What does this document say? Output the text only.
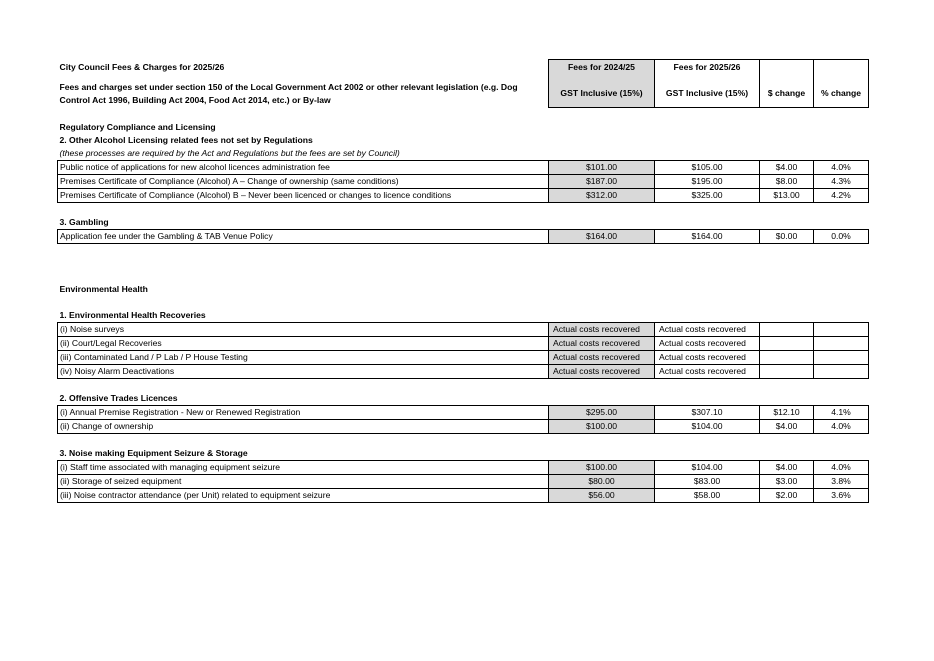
City Council Fees & Charges for 2025/26	Fees for 2024/25	Fees for 2025/26		

Fees and charges set under section 150 of the Local Government Act 2002 or other relevant legislation (e.g. Dog Control Act 1996, Building Act 2004, Food Act 2014, etc.) or By-law	GST Inclusive (15%)	GST Inclusive (15%)	$ change	% change

Regulatory Compliance and Licensing				
2. Other Alcohol Licensing related fees not set by Regulations				
(these processes are required by the Act and Regulations but the fees are set by Council)				
Public notice of applications for new alcohol licences administration fee	$101.00	$105.00	$4.00	4.0%
Premises Certificate of Compliance (Alcohol) A – Change of ownership (same conditions)	$187.00	$195.00	$8.00	4.3%
Premises Certificate of Compliance (Alcohol) B – Never been licenced or changes to licence conditions	$312.00	$325.00	$13.00	4.2%

3. Gambling				
Application fee under the Gambling & TAB Venue Policy	$164.00	$164.00	$0.00	0.0%

Environmental Health				

1. Environmental Health Recoveries				
(i) Noise surveys	Actual costs recovered	Actual costs recovered		
(ii) Court/Legal Recoveries	Actual costs recovered	Actual costs recovered		
(iii) Contaminated Land / P Lab / P House Testing	Actual costs recovered	Actual costs recovered		
(iv) Noisy Alarm Deactivations	Actual costs recovered	Actual costs recovered		

2. Offensive Trades Licences				
(i) Annual Premise Registration - New or Renewed Registration	$295.00	$307.10	$12.10	4.1%
(ii) Change of ownership	$100.00	$104.00	$4.00	4.0%

3. Noise making Equipment Seizure & Storage				
(i) Staff time associated with managing equipment seizure	$100.00	$104.00	$4.00	4.0%
(ii) Storage of seized equipment	$80.00	$83.00	$3.00	3.8%
(iii) Noise contractor attendance (per Unit) related to equipment seizure	$56.00	$58.00	$2.00	3.6%
